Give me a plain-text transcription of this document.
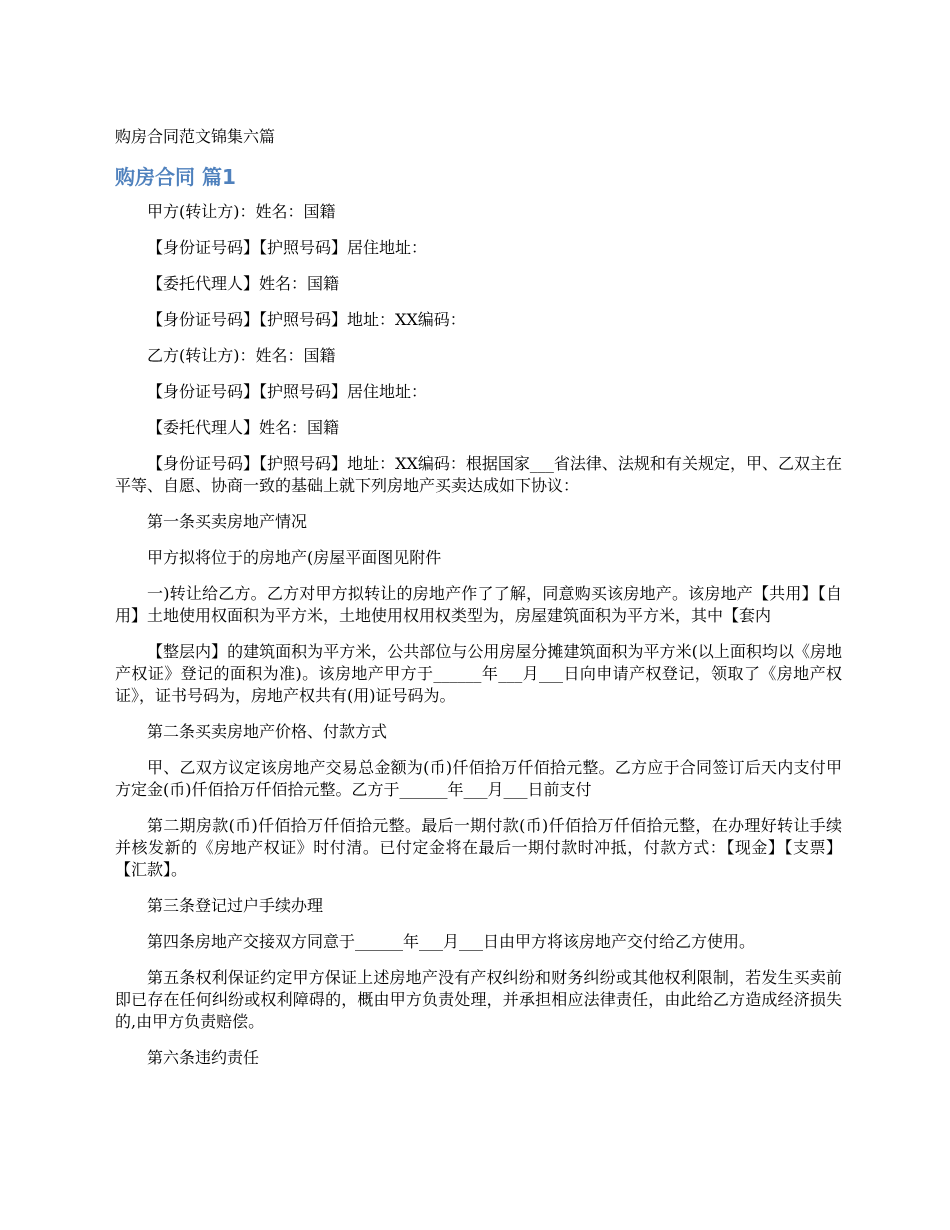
购房合同范文锦集六篇
购房合同 篇1

甲方(转让方)：姓名：国籍

【身份证号码】【护照号码】居住地址：

【委托代理人】姓名：国籍

【身份证号码】【护照号码】地址：XX编码：

乙方(转让方)：姓名：国籍

【身份证号码】【护照号码】居住地址：

【委托代理人】姓名：国籍

【身份证号码】【护照号码】地址：XX编码：根据国家___省法律、法规和有关规定，甲、乙双主在平等、自愿、协商一致的基础上就下列房地产买卖达成如下协议：

第一条买卖房地产情况

甲方拟将位于的房地产(房屋平面图见附件

一)转让给乙方。乙方对甲方拟转让的房地产作了了解，同意购买该房地产。该房地产【共用】【自用】土地使用权面积为平方米，土地使用权用权类型为，房屋建筑面积为平方米，其中【套内

【整层内】的建筑面积为平方米，公共部位与公用房屋分摊建筑面积为平方米(以上面积均以《房地产权证》登记的面积为准)。该房地产甲方于______年___月___日向申请产权登记，领取了《房地产权证》，证书号码为，房地产权共有(用)证号码为。

第二条买卖房地产价格、付款方式

甲、乙双方议定该房地产交易总金额为(币)仟佰拾万仟佰拾元整。乙方应于合同签订后天内支付甲方定金(币)仟佰拾万仟佰拾元整。乙方于______年___月___日前支付

第二期房款(币)仟佰拾万仟佰拾元整。最后一期付款(币)仟佰拾万仟佰拾元整，在办理好转让手续并核发新的《房地产权证》时付清。已付定金将在最后一期付款时冲抵，付款方式：【现金】【支票】【汇款】。

第三条登记过户手续办理

第四条房地产交接双方同意于______年___月___日由甲方将该房地产交付给乙方使用。

第五条权利保证约定甲方保证上述房地产没有产权纠纷和财务纠纷或其他权利限制，若发生买卖前即已存在任何纠纷或权利障碍的，概由甲方负责处理，并承担相应法律责任，由此给乙方造成经济损失的,由甲方负责赔偿。

第六条违约责任
